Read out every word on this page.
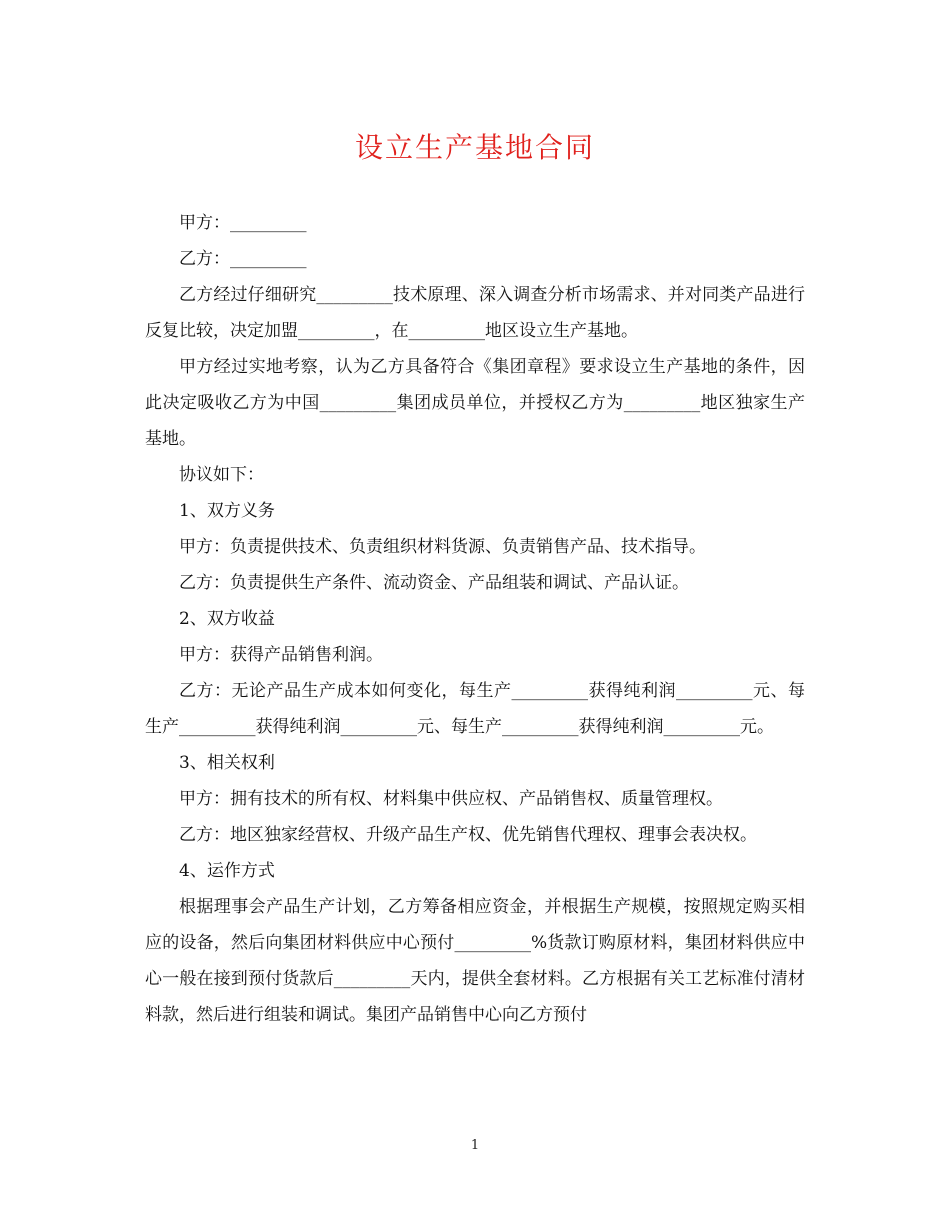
设立生产基地合同

甲方：_________

乙方：_________

乙方经过仔细研究_________技术原理、深入调查分析市场需求、并对同类产品进行反复比较，决定加盟_________，在_________地区设立生产基地。

甲方经过实地考察，认为乙方具备符合《集团章程》要求设立生产基地的条件，因此决定吸收乙方为中国_________集团成员单位，并授权乙方为_________地区独家生产基地。

协议如下：

1、双方义务

甲方：负责提供技术、负责组织材料货源、负责销售产品、技术指导。

乙方：负责提供生产条件、流动资金、产品组装和调试、产品认证。

2、双方收益

甲方：获得产品销售利润。

乙方：无论产品生产成本如何变化，每生产_________获得纯利润_________元、每生产_________获得纯利润_________元、每生产_________获得纯利润_________元。

3、相关权利

甲方：拥有技术的所有权、材料集中供应权、产品销售权、质量管理权。

乙方：地区独家经营权、升级产品生产权、优先销售代理权、理事会表决权。

4、运作方式

根据理事会产品生产计划，乙方筹备相应资金，并根据生产规模，按照规定购买相应的设备，然后向集团材料供应中心预付_________%货款订购原材料，集团材料供应中心一般在接到预付货款后_________天内，提供全套材料。乙方根据有关工艺标准付清材料款，然后进行组装和调试。集团产品销售中心向乙方预付

1
